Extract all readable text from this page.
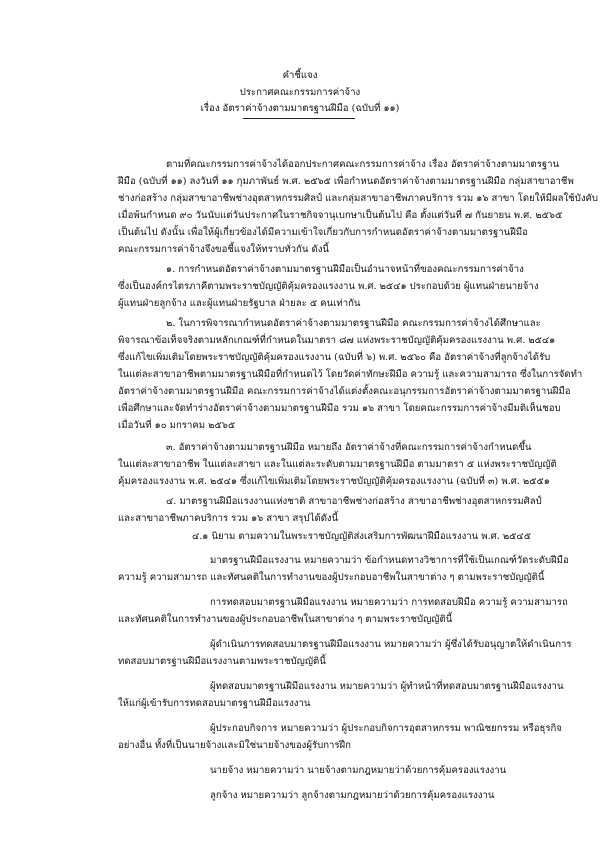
คำชี้แจง
ประกาศคณะกรรมการค่าจ้าง
เรื่อง อัตราค่าจ้างตามมาตรฐานฝีมือ (ฉบับที่ ๑๑)
ตามที่คณะกรรมการค่าจ้างได้ออกประกาศคณะกรรมการค่าจ้าง เรื่อง อัตราค่าจ้างตามมาตรฐาน
ฝีมือ (ฉบับที่ ๑๑) ลงวันที่ ๑๑ กุมภาพันธ์ พ.ศ. ๒๕๖๕ เพื่อกำหนดอัตราค่าจ้างตามมาตรฐานฝีมือ กลุ่มสาขาอาชีพ
ช่างก่อสร้าง กลุ่มสาขาอาชีพช่างอุตสาหกรรมศิลป์ และกลุ่มสาขาอาชีพภาคบริการ รวม ๑๖ สาขา โดยให้มีผลใช้บังคับ
เมื่อพ้นกำหนด ๙๐ วันนับแต่วันประกาศในราชกิจจานุเบกษาเป็นต้นไป คือ ตั้งแต่วันที่ ๗ กันยายน พ.ศ. ๒๕๖๕
เป็นต้นไป ดังนั้น เพื่อให้ผู้เกี่ยวข้องได้มีความเข้าใจเกี่ยวกับการกำหนดอัตราค่าจ้างตามมาตรฐานฝีมือ
คณะกรรมการค่าจ้างจึงขอชี้แจงให้ทราบทั่วกัน ดังนี้
๑. การกำหนดอัตราค่าจ้างตามมาตรฐานฝีมือเป็นอำนาจหน้าที่ของคณะกรรมการค่าจ้าง
ซึ่งเป็นองค์กรไตรภาคีตามพระราชบัญญัติคุ้มครองแรงงาน พ.ศ. ๒๕๔๑ ประกอบด้วย ผู้แทนฝ่ายนายจ้าง
ผู้แทนฝ่ายลูกจ้าง และผู้แทนฝ่ายรัฐบาล ฝ่ายละ ๕ คนเท่ากัน
๒. ในการพิจารณากำหนดอัตราค่าจ้างตามมาตรฐานฝีมือ คณะกรรมการค่าจ้างได้ศึกษาและ
พิจารณาข้อเท็จจริงตามหลักเกณฑ์ที่กำหนดในมาตรา ๘๗ แห่งพระราชบัญญัติคุ้มครองแรงงาน พ.ศ. ๒๕๔๑
ซึ่งแก้ไขเพิ่มเติมโดยพระราชบัญญัติคุ้มครองแรงงาน (ฉบับที่ ๖) พ.ศ. ๒๕๖๐ คือ อัตราค่าจ้างที่ลูกจ้างได้รับ
ในแต่ละสาขาอาชีพตามมาตรฐานฝีมือที่กำหนดไว้ โดยวัดค่าทักษะฝีมือ ความรู้ และความสามารถ ซึ่งในการจัดทำ
อัตราค่าจ้างตามมาตรฐานฝีมือ คณะกรรมการค่าจ้างได้แต่งตั้งคณะอนุกรรมการอัตราค่าจ้างตามมาตรฐานฝีมือ
เพื่อศึกษาและจัดทำร่างอัตราค่าจ้างตามมาตรฐานฝีมือ รวม ๑๖ สาขา โดยคณะกรรมการค่าจ้างมีมติเห็นชอบ
เมื่อวันที่ ๑๐ มกราคม ๒๕๖๕
๓. อัตราค่าจ้างตามมาตรฐานฝีมือ หมายถึง อัตราค่าจ้างที่คณะกรรมการค่าจ้างกำหนดขึ้น
ในแต่ละสาขาอาชีพ ในแต่ละสาขา และในแต่ละระดับตามมาตรฐานฝีมือ ตามมาตรา ๕ แห่งพระราชบัญญัติ
คุ้มครองแรงงาน พ.ศ. ๒๕๔๑ ซึ่งแก้ไขเพิ่มเติมโดยพระราชบัญญัติคุ้มครองแรงงาน (ฉบับที่ ๓) พ.ศ. ๒๕๕๑
๔. มาตรฐานฝีมือแรงงานแห่งชาติ สาขาอาชีพช่างก่อสร้าง สาขาอาชีพช่างอุตสาหกรรมศิลป์
และสาขาอาชีพภาคบริการ รวม ๑๖ สาขา สรุปได้ดังนี้
๔.๑ นิยาม ตามความในพระราชบัญญัติส่งเสริมการพัฒนาฝีมือแรงงาน พ.ศ. ๒๕๔๕
มาตรฐานฝีมือแรงงาน หมายความว่า ข้อกำหนดทางวิชาการที่ใช้เป็นเกณฑ์วัดระดับฝีมือ
ความรู้ ความสามารถ และทัศนคติในการทำงานของผู้ประกอบอาชีพในสาขาต่าง ๆ ตามพระราชบัญญัตินี้
การทดสอบมาตรฐานฝีมือแรงงาน หมายความว่า การทดสอบฝีมือ ความรู้ ความสามารถ
และทัศนคติในการทำงานของผู้ประกอบอาชีพในสาขาต่าง ๆ ตามพระราชบัญญัตินี้
ผู้ดำเนินการทดสอบมาตรฐานฝีมือแรงงาน หมายความว่า ผู้ซึ่งได้รับอนุญาตให้ดำเนินการ
ทดสอบมาตรฐานฝีมือแรงงานตามพระราชบัญญัตินี้
ผู้ทดสอบมาตรฐานฝีมือแรงงาน หมายความว่า ผู้ทำหน้าที่ทดสอบมาตรฐานฝีมือแรงงาน
ให้แก่ผู้เข้ารับการทดสอบมาตรฐานฝีมือแรงงาน
ผู้ประกอบกิจการ หมายความว่า ผู้ประกอบกิจการอุตสาหกรรม พาณิชยกรรม หรือธุรกิจ
อย่างอื่น ทั้งที่เป็นนายจ้างและมิใช่นายจ้างของผู้รับการฝึก
นายจ้าง หมายความว่า นายจ้างตามกฎหมายว่าด้วยการคุ้มครองแรงงาน
ลูกจ้าง หมายความว่า ลูกจ้างตามกฎหมายว่าด้วยการคุ้มครองแรงงาน
